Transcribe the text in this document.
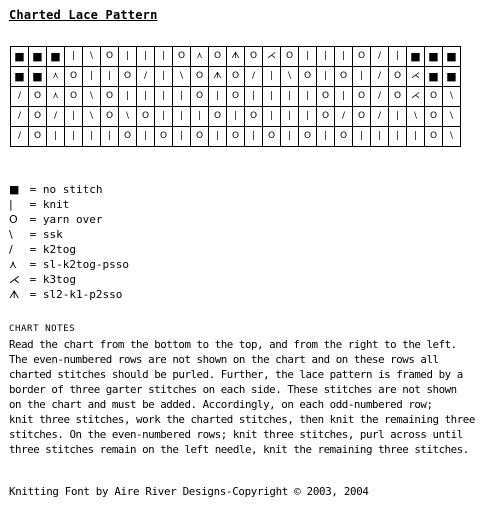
Charted Lace Pattern
■	■	■	|	\	O	|	|	|	O	⋏	O	ᗑ	O	⋌	O	|	|	|	O	/	|	■	■	■
■	■	⋏	O	|	|	O	/	|	\	O	ᗑ	O	/	|	\	O	|	O	|	/	O	⋌	■	■
/	O	⋏	O	\	O	|	|	|	|	O	|	O	|	|	|	|	O	|	O	/	O	⋌	O	\
/	O	/	|	\	O	\	O	|	|	|	O	|	O	|	|	|	O	/	O	/	|	\	O	\
/	O	|	|	|	|	O	|	O	|	O	|	O	|	O	|	O	|	O	|	|	|	|	O	\
■ = no stitch
| = knit
O = yarn over
\ = ssk
/ = k2tog
⋏ = sl-k2tog-psso
⋌ = k3tog
ᗑ = sl2-k1-p2sso
CHART NOTES
Read the chart from the bottom to the top, and from the right to the left.
The even-numbered rows are not shown on the chart and on these rows all
charted stitches should be purled. Further, the lace pattern is framed by a
border of three garter stitches on each side. These stitches are not shown
on the chart and must be added. Accordingly, on each odd-numbered row;
knit three stitches, work the charted stitches, then knit the remaining three
stitches. On the even-numbered rows; knit three stitches, purl across until
three stitches remain on the left needle, knit the remaining three stitches.
Knitting Font by Aire River Designs-Copyright © 2003, 2004
